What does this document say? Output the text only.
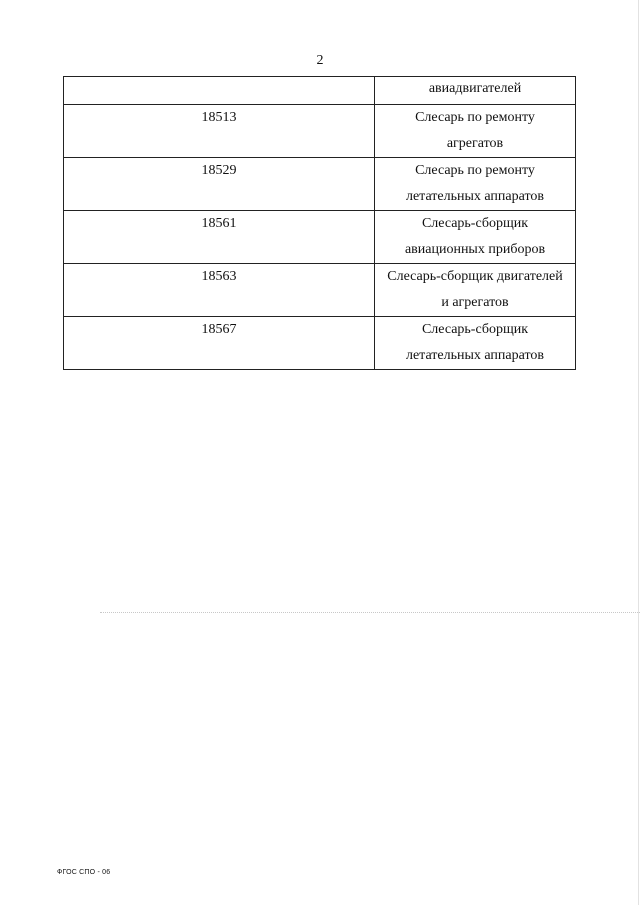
2
	авиадвигателей
18513	Слесарь по ремонту
агрегатов

18529	Слесарь по ремонту
летательных аппаратов

18561	Слесарь-сборщик
авиационных приборов

18563	Слесарь-сборщик двигателей
и агрегатов

18567	Слесарь-сборщик
летательных аппаратов
ФГОС СПО - 06
